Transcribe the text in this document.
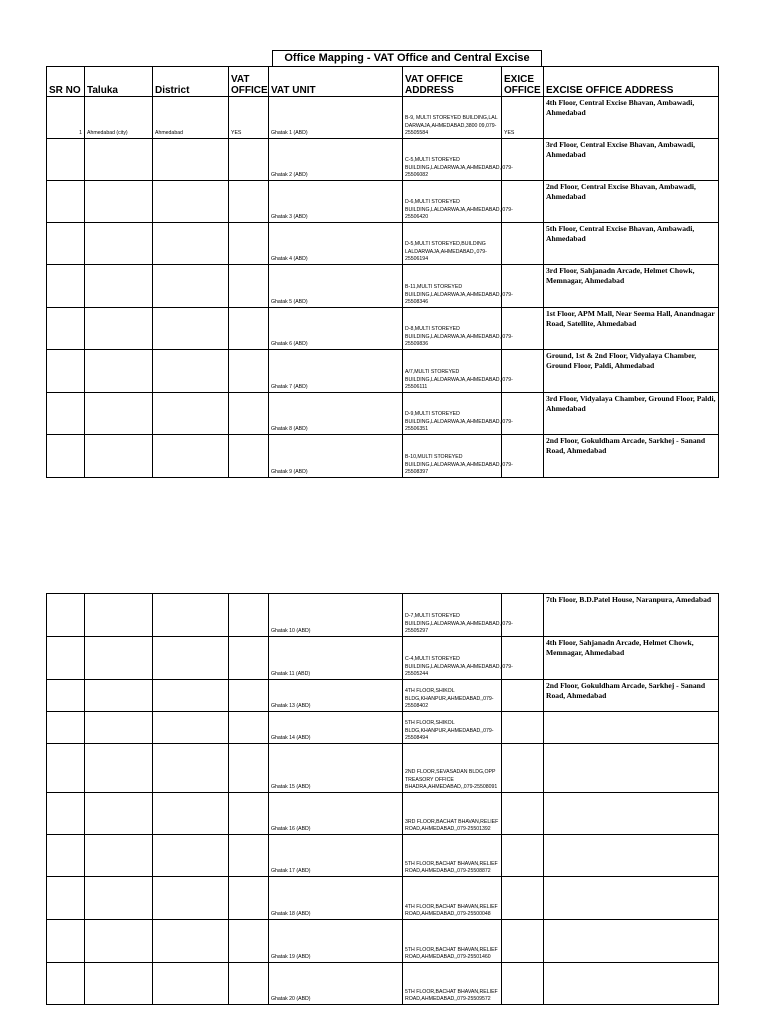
Office Mapping - VAT Office and Central Excise
SR NO	Taluka	District	VAT OFFICE	VAT UNIT	VAT OFFICE ADDRESS	EXICE OFFICE	EXCISE OFFICE ADDRESS
1	Ahmedabad (city)	Ahmedabad	YES	Ghatak 1 (ABD)	B-9, MULTI STOREYED BUILDING,LAL DARWAJA,AHMEDABAD,3800 09,079-25505584	YES	4th Floor, Central Excise Bhavan, Ambawadi, Ahmedabad
				Ghatak 2 (ABD)	C-5,MULTI STOREYED BUILDING,LALDARWAJA,AHMEDABAD,,079-25506082		3rd Floor, Central Excise Bhavan, Ambawadi, Ahmedabad
				Ghatak 3 (ABD)	D-6,MULTI STOREYED BUILDING,LALDARWAJA,AHMEDABAD,,079-25506420		2nd Floor, Central Excise Bhavan, Ambawadi, Ahmedabad
				Ghatak 4 (ABD)	D-5,MULTI STOREYED,BUILDING LALDARWAJA,AHMEDABAD,,079-25506194		5th Floor, Central Excise Bhavan, Ambawadi, Ahmedabad
				Ghatak 5 (ABD)	B-11,MULTI STOREYED BUILDING,LALDARWAJA,AHMEDABAD,,079-25508346		3rd Floor, Sahjanadn Arcade, Helmet Chowk, Memnagar, Ahmedabad
				Ghatak 6 (ABD)	D-8,MULTI STOREYED BUILDING,LALDARWAJA,AHMEDABAD,,079-25509836		1st Floor, APM Mall, Near Seema Hall, Anandnagar Road, Satellite, Ahmedabad
				Ghatak 7 (ABD)	A/7,MULTI STOREYED BUILDING,LALDARWAJA,AHMEDABAD,,079-25506111		Ground, 1st & 2nd Floor, Vidyalaya Chamber, Ground Floor, Paldi, Ahmedabad
				Ghatak 8 (ABD)	D-9,MULTI STOREYED BUILDING,LALDARWAJA,AHMEDABAD,,079-25506351		3rd Floor, Vidyalaya Chamber, Ground Floor, Paldi, Ahmedabad
				Ghatak 9 (ABD)	B-10,MULTI STOREYED BUILDING,LALDARWAJA,AHMEDABAD,,079-25508397		2nd Floor, Gokuldham Arcade, Sarkhej - Sanand Road, Ahmedabad
				Ghatak 10 (ABD)	D-7,MULTI STOREYED BUILDING,LALDARWAJA,AHMEDABAD,,079-25505297		7th Floor, B.D.Patel House, Naranpura, Amedabad
				Ghatak 11 (ABD)	C-4,MULTI STOREYED BUILDING,LALDARWAJA,AHMEDABAD,,079-25505244		4th Floor, Sahjanadn Arcade, Helmet Chowk, Memnagar, Ahmedabad
				Ghatak 13 (ABD)	4TH FLOOR,SHIKOL BLDG,KHANPUR,AHMEDABAD,,079-25508402		2nd Floor, Gokuldham Arcade, Sarkhej - Sanand Road, Ahmedabad
				Ghatak 14 (ABD)	5TH FLOOR,SHIKOL BLDG,KHANPUR,AHMEDABAD,,079-25508494		
				Ghatak 15 (ABD)	2ND FLOOR,SEVASADAN BLDG,OPP TREASORY OFFICE BHADRA,AHMEDABAD,,079-25508091		
				Ghatak 16 (ABD)	3RD FLOOR,BACHAT BHAVAN,RELIEF ROAD,AHMEDABAD,,079-25501392		
				Ghatak 17 (ABD)	5TH FLOOR,BACHAT BHAVAN,RELIEF ROAD,AHMEDABAD,,079-25508872		
				Ghatak 18 (ABD)	4TH FLOOR,BACHAT BHAVAN,RELIEF ROAD,AHMEDABAD,,079-25500048		
				Ghatak 19 (ABD)	5TH FLOOR,BACHAT BHAVAN,RELIEF ROAD,AHMEDABAD,,079-25501460		
				Ghatak 20 (ABD)	5TH FLOOR,BACHAT BHAVAN,RELIEF ROAD,AHMEDABAD,,079-25509572		
